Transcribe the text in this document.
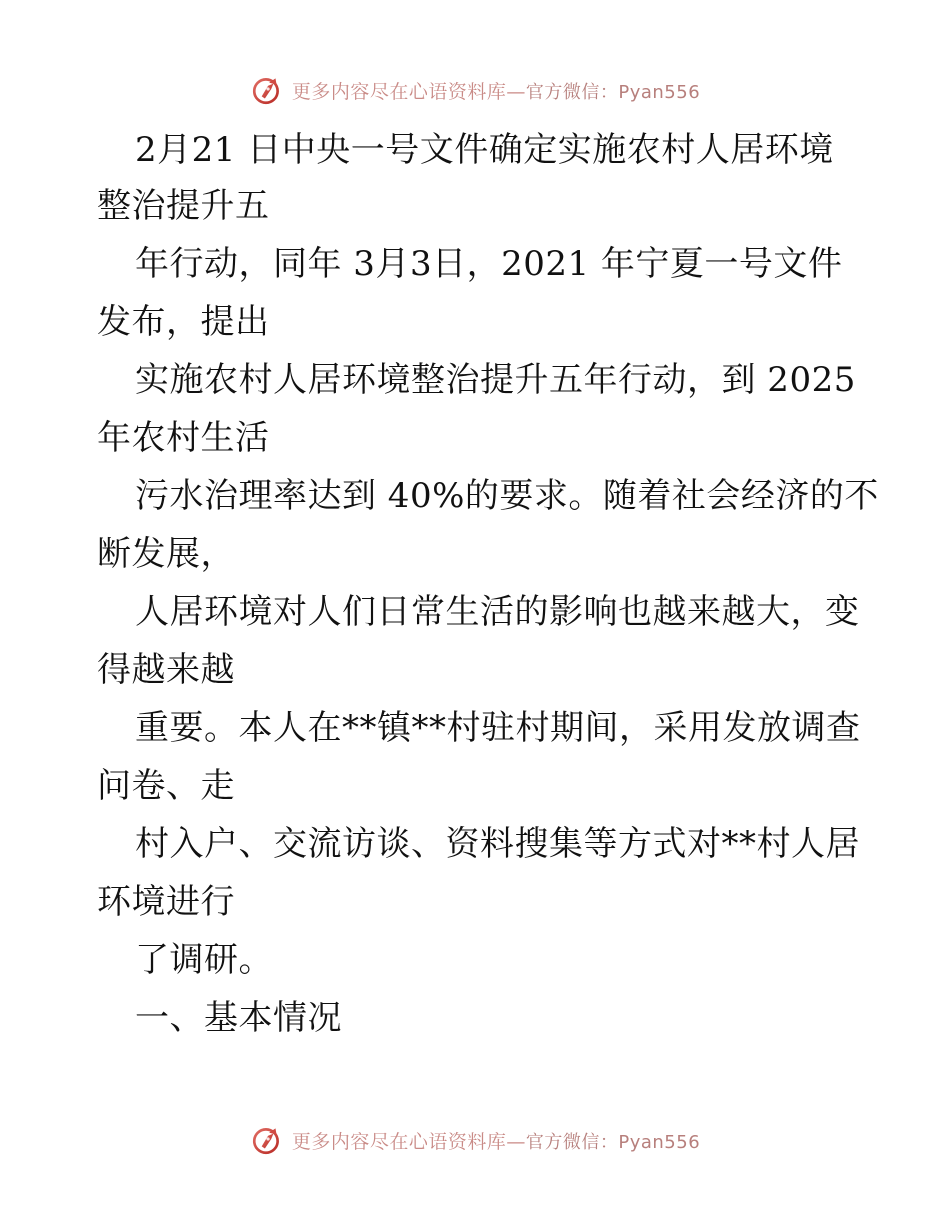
更多内容尽在心语资料库—官方微信：Pyan556
2月21 日中央一号文件确定实施农村人居环境
整治提升五
年行动，同年 3月3日，2021 年宁夏一号文件
发布，提出
实施农村人居环境整治提升五年行动，到 2025
年农村生活
污水治理率达到 40%的要求。随着社会经济的不
断发展，
人居环境对人们日常生活的影响也越来越大，变
得越来越
重要。本人在**镇**村驻村期间，采用发放调查
问卷、走
村入户、交流访谈、资料搜集等方式对**村人居
环境进行
了调研。
一、基本情况
更多内容尽在心语资料库—官方微信：Pyan556
